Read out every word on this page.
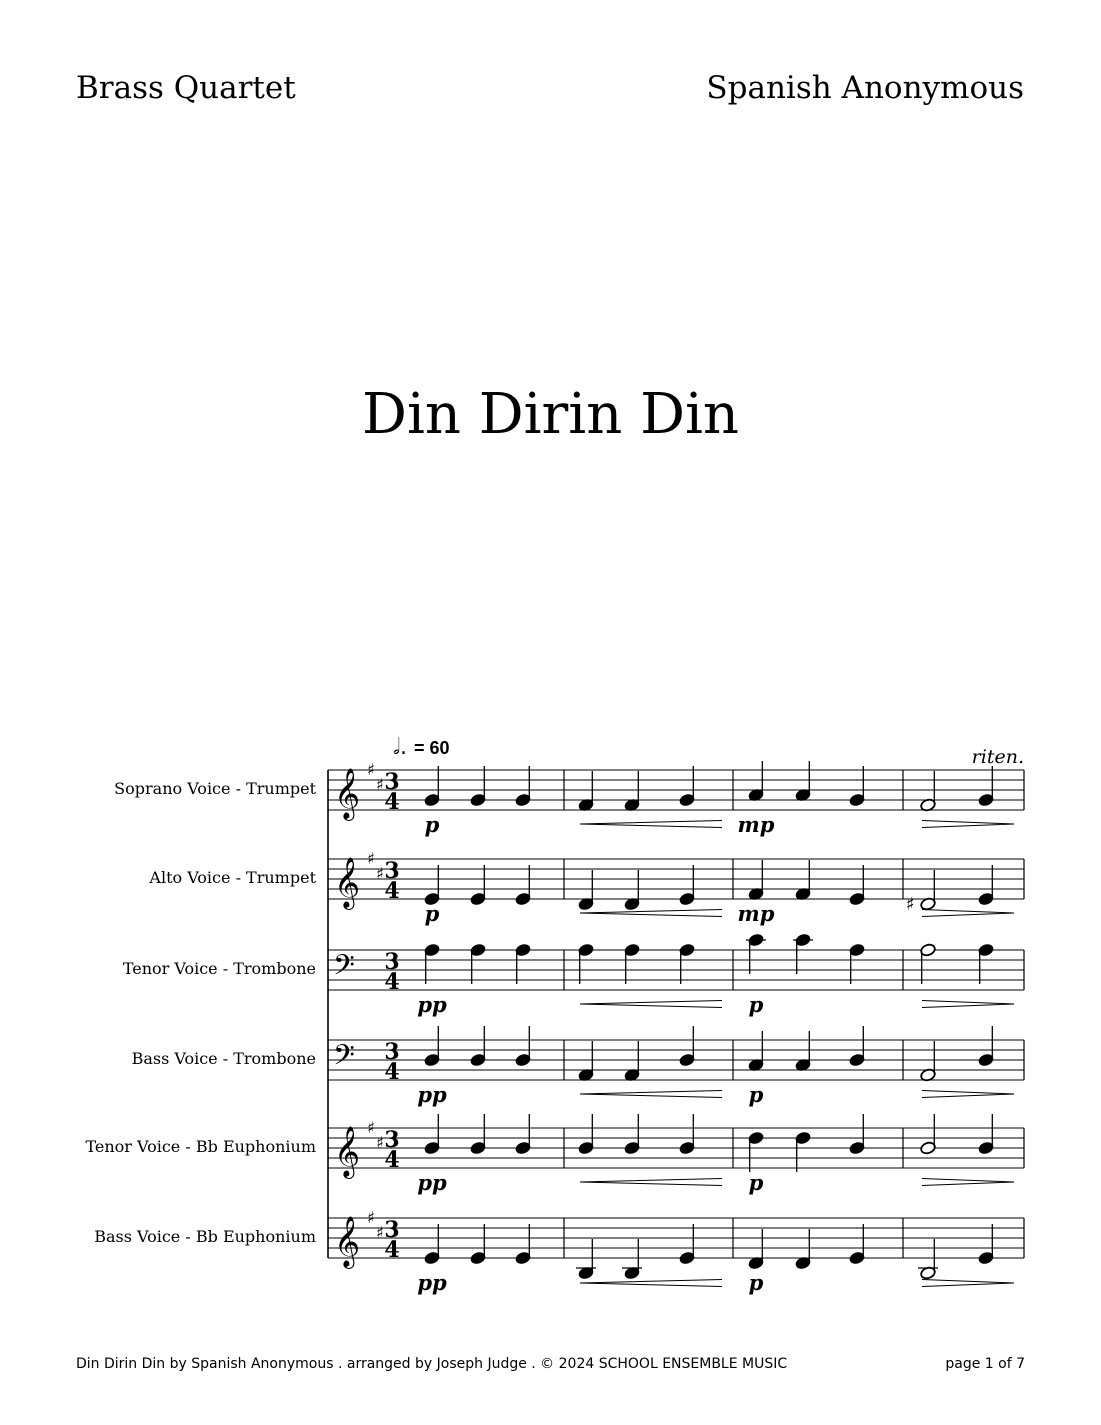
Brass Quartet	Spanish Anonymous
Din Dirin Din
𝅗𝅥. = 60	riten.
Soprano Voice - Trumpet 𝄞 ♯
♯ 3
4
p	mp
Alto Voice - Trumpet 𝄞 ♯
♯ 3
4
♯
p	mp
Tenor Voice - Trombone 𝄢 3
4
pp	p
Bass Voice - Trombone 𝄢 3
4
pp	p
Tenor Voice - Bb Euphonium 𝄞 ♯
♯ 3
4
pp	p
Bass Voice - Bb Euphonium 𝄞 ♯
♯ 3
4
pp	p
Din Dirin Din by Spanish Anonymous . arranged by Joseph Judge . © 2024 SCHOOL ENSEMBLE MUSIC	page 1 of 7
